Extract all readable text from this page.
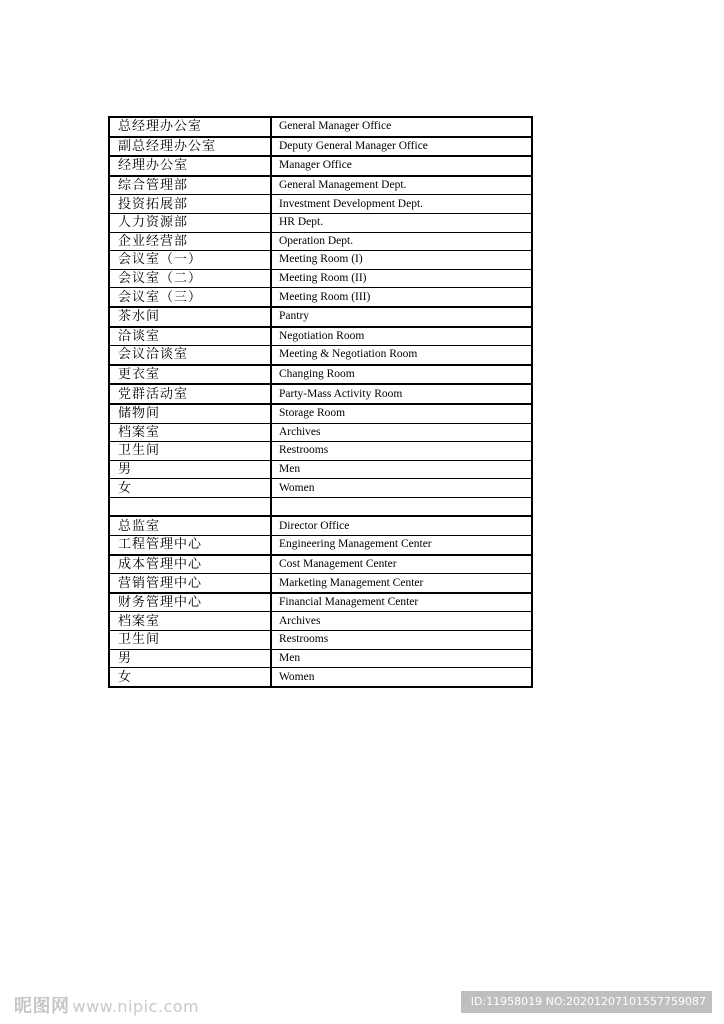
总经理办公室	General Manager Office
副总经理办公室	Deputy General Manager Office
经理办公室	Manager Office
综合管理部	General Management Dept.
投资拓展部	Investment Development Dept.
人力资源部	HR Dept.
企业经营部	Operation Dept.
会议室（一）	Meeting Room (I)
会议室（二）	Meeting Room (II)
会议室（三）	Meeting Room (III)
茶水间	Pantry
洽谈室	Negotiation Room
会议洽谈室	Meeting & Negotiation Room
更衣室	Changing Room
党群活动室	Party-Mass Activity Room
储物间	Storage Room
档案室	Archives
卫生间	Restrooms
男	Men
女	Women

总监室	Director Office
工程管理中心	Engineering Management Center
成本管理中心	Cost Management Center
营销管理中心	Marketing Management Center
财务管理中心	Financial Management Center
档案室	Archives
卫生间	Restrooms
男	Men
女	Women
昵图网 www.nipic.com	ID:11958019 NO:20201207101557759087
